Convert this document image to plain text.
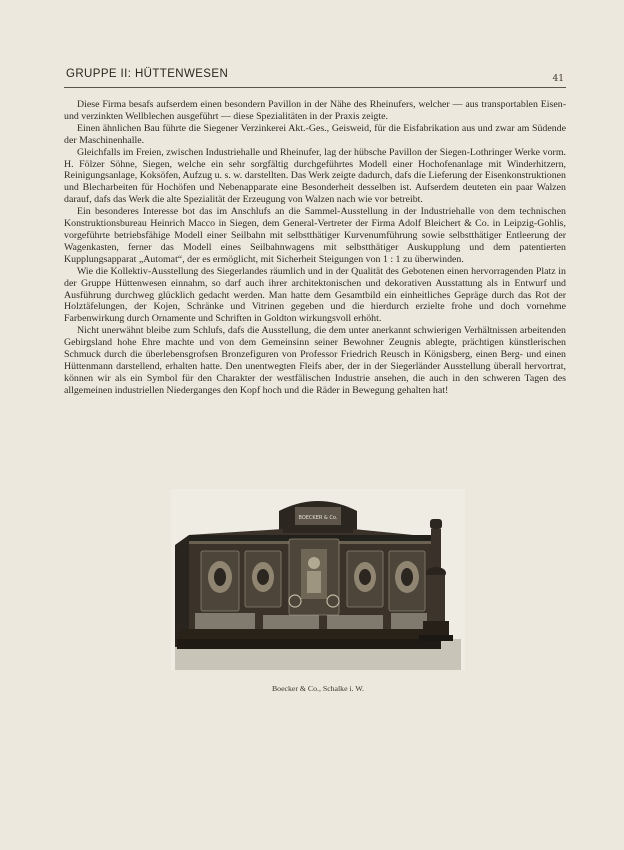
GRUPPE II: HÜTTENWESEN	41

Diese Firma besafs aufserdem einen besondern Pavillon in der Nähe des Rheinufers, welcher — aus transportablen Eisen- und verzinkten Wellblechen ausgeführt — diese Spezialitäten in der Praxis zeigte.

Einen ähnlichen Bau führte die Siegener Verzinkerei Akt.-Ges., Geisweid, für die Eisfabrikation aus und zwar am Südende der Maschinenhalle.

Gleichfalls im Freien, zwischen Industriehalle und Rheinufer, lag der hübsche Pavillon der Siegen-Lothringer Werke vorm. H. Fölzer Söhne, Siegen, welche ein sehr sorgfältig durchgeführtes Modell einer Hochofenanlage mit Winderhitzern, Reinigungsanlage, Koksöfen, Aufzug u. s. w. darstellten. Das Werk zeigte dadurch, dafs die Lieferung der Eisenkonstruktionen und Blecharbeiten für Hochöfen und Nebenapparate eine Besonderheit desselben ist. Aufserdem deuteten ein paar Walzen darauf, dafs das Werk die alte Spezialität der Erzeugung von Walzen nach wie vor betreibt.

Ein besonderes Interesse bot das im Anschlufs an die Sammel-Ausstellung in der Industriehalle von dem technischen Konstruktionsbureau Heinrich Macco in Siegen, dem General-Vertreter der Firma Adolf Bleichert & Co. in Leipzig-Gohlis, vorgeführte betriebsfähige Modell einer Seilbahn mit selbstthätiger Kurvenumführung sowie selbstthätiger Entleerung der Wagenkasten, ferner das Modell eines Seilbahnwagens mit selbstthätiger Auskupplung und dem patentierten Kupplungsapparat „Automat“, der es ermöglicht, mit Sicherheit Steigungen von 1 : 1 zu überwinden.

Wie die Kollektiv-Ausstellung des Siegerlandes räumlich und in der Qualität des Gebotenen einen hervorragenden Platz in der Gruppe Hüttenwesen einnahm, so darf auch ihrer architektonischen und dekorativen Ausstattung als in Entwurf und Ausführung durchweg glücklich gedacht werden. Man hatte dem Gesamtbild ein einheitliches Gepräge durch das Rot der Holztäfelungen, der Kojen, Schränke und Vitrinen gegeben und die hierdurch erzielte frohe und doch vornehme Farbenwirkung durch Ornamente und Schriften in Goldton wirkungsvoll erhöht.

Nicht unerwähnt bleibe zum Schlufs, dafs die Ausstellung, die dem unter anerkannt schwierigen Verhältnissen arbeitenden Gebirgsland hohe Ehre machte und von dem Gemeinsinn seiner Bewohner Zeugnis ablegte, prächtigen künstlerischen Schmuck durch die überlebensgrofsen Bronzefiguren von Professor Friedrich Reusch in Königsberg, einen Berg- und einen Hüttenmann darstellend, erhalten hatte. Den unentwegten Fleifs aber, der in der Siegerländer Ausstellung überall hervortrat, können wir als ein Symbol für den Charakter der westfälischen Industrie ansehen, die auch in den schweren Tagen des allgemeinen industriellen Niederganges den Kopf hoch und die Räder in Bewegung gehalten hat!

BOECKER & Co.
Boecker & Co., Schalke i. W.
